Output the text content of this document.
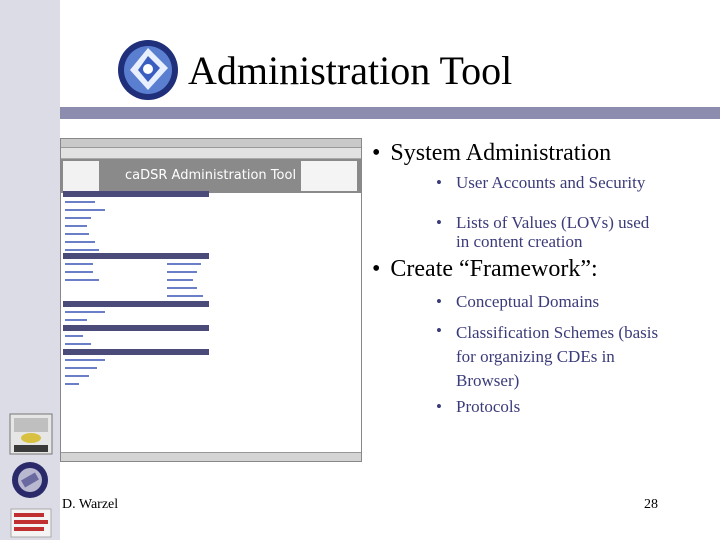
Administration Tool
caDSR Administration Tool
• System Administration
• User Accounts and Security
• Lists of Values (LOVs) used in content creation
• Create “Framework”:
• Conceptual Domains
• Classification Schemes (basis for organizing CDEs in Browser)
• Protocols
D. Warzel	28
